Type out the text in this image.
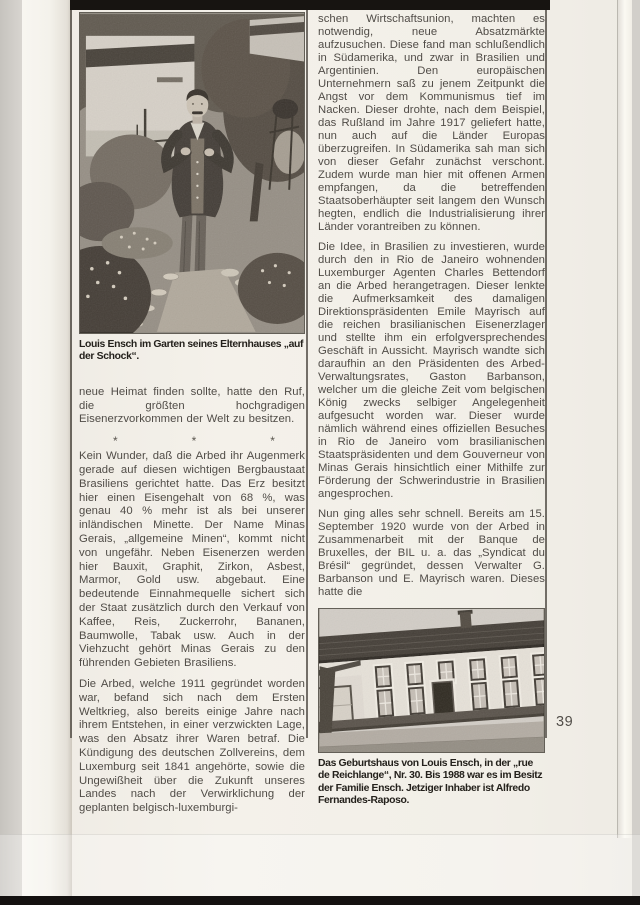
Louis Ensch im Garten seines Elternhauses „auf der Schock“.

neue Heimat finden sollte, hatte den Ruf, die größten hochgradigen Eisenerzvorkommen der Welt zu besitzen.

*	*	*

Kein Wunder, daß die Arbed ihr Augenmerk gerade auf diesen wichtigen Bergbaustaat Brasiliens gerichtet hatte. Das Erz besitzt hier einen Eisengehalt von 68 %, was genau 40 % mehr ist als bei unserer inländischen Minette. Der Name Minas Gerais, „allgemeine Minen“, kommt nicht von ungefähr. Neben Eisenerzen werden hier Bauxit, Graphit, Zirkon, Asbest, Marmor, Gold usw. abgebaut. Eine bedeutende Einnahmequelle sichert sich der Staat zusätzlich durch den Verkauf von Kaffee, Reis, Zuckerrohr, Bananen, Baumwolle, Tabak usw. Auch in der Viehzucht gehört Minas Gerais zu den führenden Gebieten Brasiliens.

Die Arbed, welche 1911 gegründet worden war, befand sich nach dem Ersten Weltkrieg, also bereits einige Jahre nach ihrem Entstehen, in einer verzwickten Lage, was den Absatz ihrer Waren betraf. Die Kündigung des deutschen Zollvereins, dem Luxemburg seit 1841 angehörte, sowie die Ungewißheit über die Zukunft unseres Landes nach der Verwirklichung der geplanten belgisch-luxemburgi-

schen Wirtschaftsunion, machten es notwendig, neue Absatzmärkte aufzusuchen. Diese fand man schlußendlich in Südamerika, und zwar in Brasilien und Argentinien. Den europäischen Unternehmern saß zu jenem Zeitpunkt die Angst vor dem Kommunismus tief im Nacken. Dieser drohte, nach dem Beispiel, das Rußland im Jahre 1917 geliefert hatte, nun auch auf die Länder Europas überzugreifen. In Südamerika sah man sich von dieser Gefahr zunächst verschont. Zudem wurde man hier mit offenen Armen empfangen, da die betreffenden Staatsoberhäupter seit langem den Wunsch hegten, endlich die Industrialisierung ihrer Länder vorantreiben zu können.

Die Idee, in Brasilien zu investieren, wurde durch den in Rio de Janeiro wohnenden Luxemburger Agenten Charles Bettendorf an die Arbed herangetragen. Dieser lenkte die Aufmerksamkeit des damaligen Direktionspräsidenten Emile Mayrisch auf die reichen brasilianischen Eisenerzlager und stellte ihm ein erfolgversprechendes Geschäft in Aussicht. Mayrisch wandte sich daraufhin an den Präsidenten des Arbed-Verwaltungsrates, Gaston Barbanson, welcher um die gleiche Zeit vom belgischen König zwecks selbiger Angelegenheit aufgesucht worden war. Dieser wurde nämlich während eines offiziellen Besuches in Rio de Janeiro vom brasilianischen Staatspräsidenten und dem Gouverneur von Minas Gerais hinsichtlich einer Mithilfe zur Förderung der Schwerindustrie in Brasilien angesprochen.

Nun ging alles sehr schnell. Bereits am 15. September 1920 wurde von der Arbed in Zusammenarbeit mit der Banque de Bruxelles, der BIL u. a. das „Syndicat du Brésil“ gegründet, dessen Verwalter G. Barbanson und E. Mayrisch waren. Dieses hatte die

Das Geburtshaus von Louis Ensch, in der „rue de Reichlange“, Nr. 30. Bis 1988 war es im Besitz der Familie Ensch. Jetziger Inhaber ist Alfredo Fernandes-Raposo.
39
